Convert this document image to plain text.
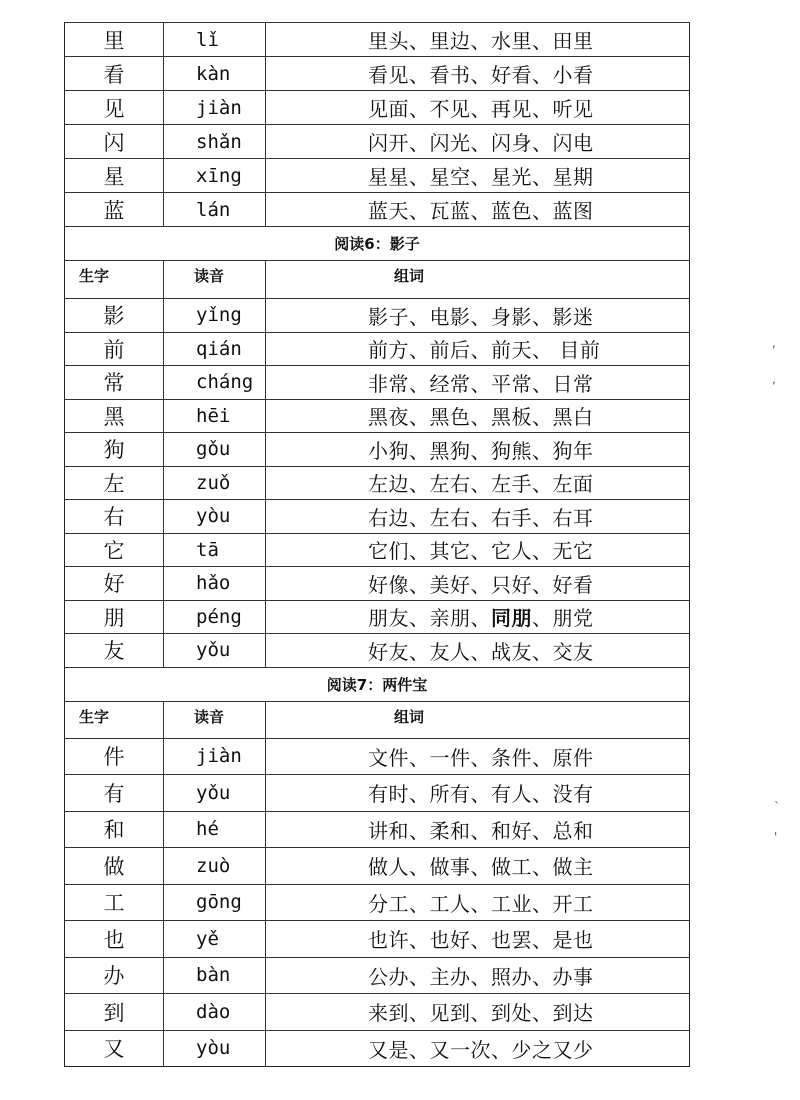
里	lǐ	里头、里边、水里、田里
看	kàn	看见、看书、好看、小看
见	jiàn	见面、不见、再见、听见
闪	shǎn	闪开、闪光、闪身、闪电
星	xīng	星星、星空、星光、星期
蓝	lán	蓝天、瓦蓝、蓝色、蓝图
阅读6：影子		
生字	读音	组词
影	yǐng	影子、电影、身影、影迷
前	qián	前方、前后、前天、 目前
常	cháng	非常、经常、平常、日常
黑	hēi	黑夜、黑色、黑板、黑白
狗	gǒu	小狗、黑狗、狗熊、狗年
左	zuǒ	左边、左右、左手、左面
右	yòu	右边、左右、右手、右耳
它	tā	它们、其它、它人、无它
好	hǎo	好像、美好、只好、好看
朋	péng	朋友、亲朋、同朋、朋党
友	yǒu	好友、友人、战友、交友
阅读7：两件宝		
生字	读音	组词
件	jiàn	文件、一件、条件、原件
有	yǒu	有时、所有、有人、没有
和	hé	讲和、柔和、和好、总和
做	zuò	做人、做事、做工、做主
工	gōng	分工、工人、工业、开工
也	yě	也许、也好、也罢、是也
办	bàn	公办、主办、照办、办事
到	dào	来到、见到、到处、到达
又	yòu	又是、又一次、少之又少
,
,
`
'
